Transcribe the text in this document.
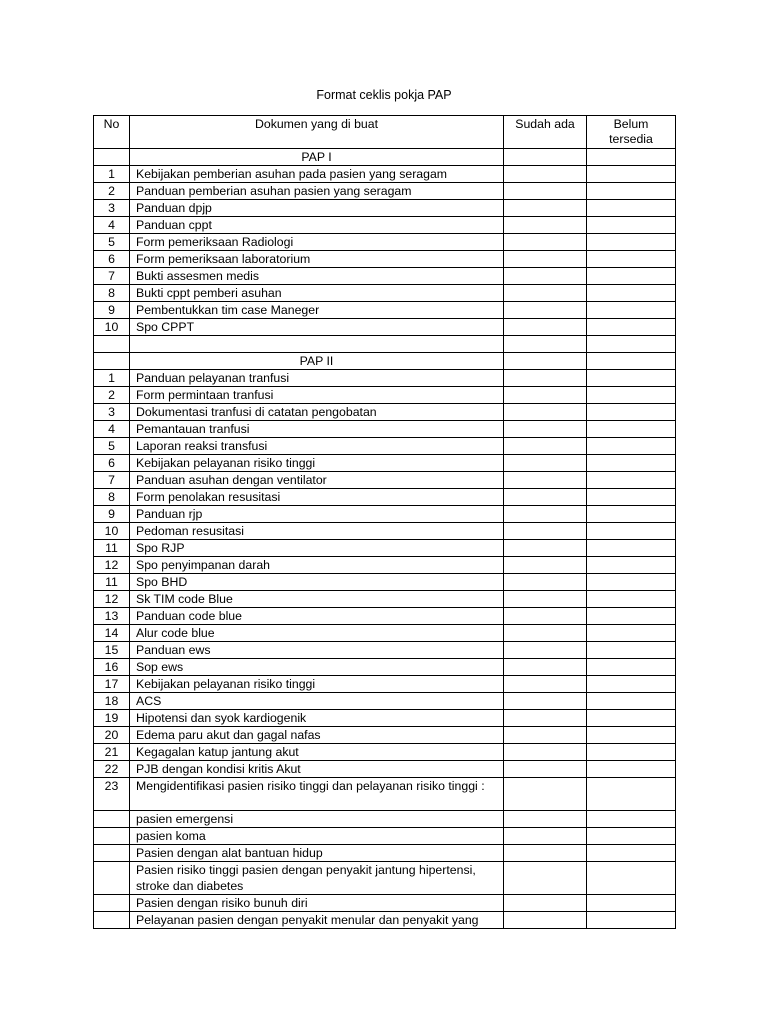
Format ceklis pokja PAP
No	Dokumen yang di buat	Sudah ada	Belum tersedia
	PAP I		
1	Kebijakan pemberian asuhan pada pasien yang seragam		
2	Panduan pemberian asuhan pasien yang seragam		
3	Panduan dpjp		
4	Panduan cppt		
5	Form pemeriksaan Radiologi		
6	Form pemeriksaan laboratorium		
7	Bukti assesmen medis		
8	Bukti cppt pemberi asuhan		
9	Pembentukkan tim case Maneger		
10	Spo CPPT		

	PAP II		
1	Panduan pelayanan tranfusi		
2	Form permintaan tranfusi		
3	Dokumentasi tranfusi di catatan pengobatan		
4	Pemantauan tranfusi		
5	Laporan reaksi transfusi		
6	Kebijakan pelayanan risiko tinggi		
7	Panduan asuhan dengan ventilator		
8	Form penolakan resusitasi		
9	Panduan rjp		
10	Pedoman resusitasi		
11	Spo RJP		
12	Spo penyimpanan darah		
11	Spo BHD		
12	Sk TIM code Blue		
13	Panduan code blue		
14	Alur code blue		
15	Panduan ews		
16	Sop ews		
17	Kebijakan pelayanan risiko tinggi		
18	ACS		
19	Hipotensi dan syok kardiogenik		
20	Edema paru akut dan gagal nafas		
21	Kegagalan katup jantung akut		
22	PJB dengan kondisi kritis Akut		
23	Mengidentifikasi pasien risiko tinggi dan pelayanan risiko tinggi :		
	pasien emergensi		
	pasien koma		
	Pasien dengan alat bantuan hidup		
	Pasien risiko tinggi pasien dengan penyakit jantung hipertensi, stroke dan diabetes		
	Pasien dengan risiko bunuh diri		
	Pelayanan pasien dengan penyakit menular dan penyakit yang		
